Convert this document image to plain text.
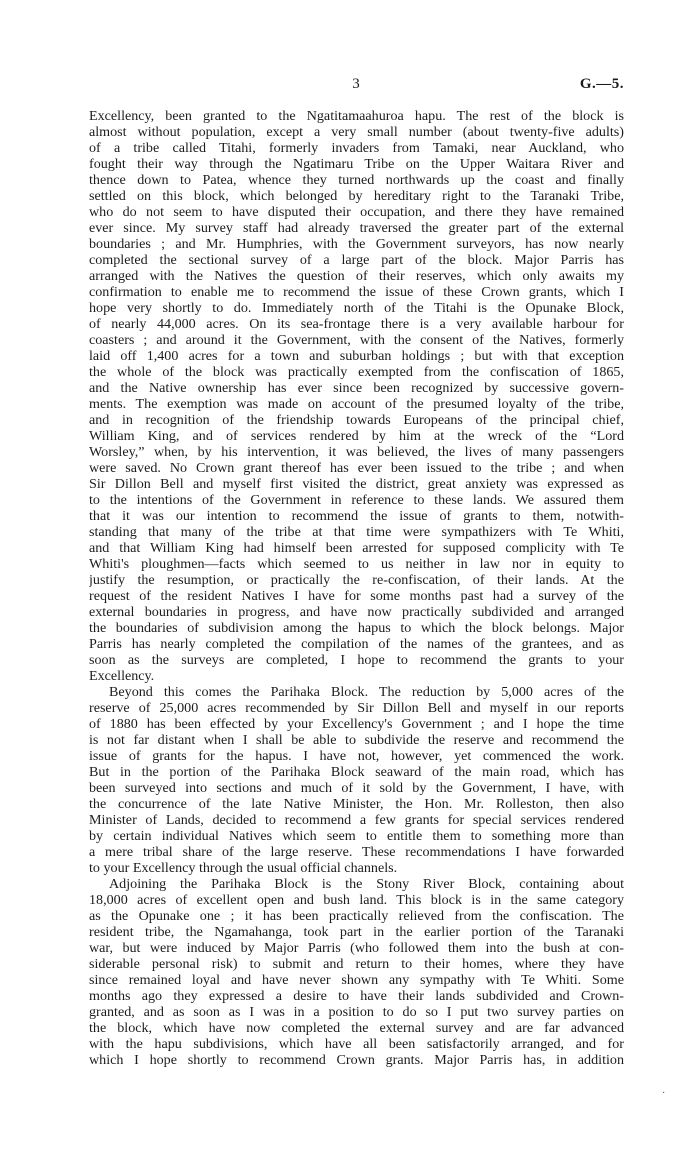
3	G.—5.

Excellency, been granted to the Ngatitamaahuroa hapu. The rest of the block is

almost without population, except a very small number (about twenty-five adults)

of a tribe called Titahi, formerly invaders from Tamaki, near Auckland, who

fought their way through the Ngatimaru Tribe on the Upper Waitara River and

thence down to Patea, whence they turned northwards up the coast and finally

settled on this block, which belonged by hereditary right to the Taranaki Tribe,

who do not seem to have disputed their occupation, and there they have remained

ever since. My survey staff had already traversed the greater part of the external

boundaries ; and Mr. Humphries, with the Government surveyors, has now nearly

completed the sectional survey of a large part of the block. Major Parris has

arranged with the Natives the question of their reserves, which only awaits my

confirmation to enable me to recommend the issue of these Crown grants, which I

hope very shortly to do. Immediately north of the Titahi is the Opunake Block,

of nearly 44,000 acres. On its sea-frontage there is a very available harbour for

coasters ; and around it the Government, with the consent of the Natives, formerly

laid off 1,400 acres for a town and suburban holdings ; but with that exception

the whole of the block was practically exempted from the confiscation of 1865,

and the Native ownership has ever since been recognized by successive govern-

ments. The exemption was made on account of the presumed loyalty of the tribe,

and in recognition of the friendship towards Europeans of the principal chief,

William King, and of services rendered by him at the wreck of the “Lord

Worsley,” when, by his intervention, it was believed, the lives of many passengers

were saved. No Crown grant thereof has ever been issued to the tribe ; and when

Sir Dillon Bell and myself first visited the district, great anxiety was expressed as

to the intentions of the Government in reference to these lands. We assured them

that it was our intention to recommend the issue of grants to them, notwith-

standing that many of the tribe at that time were sympathizers with Te Whiti,

and that William King had himself been arrested for supposed complicity with Te

Whiti's ploughmen—facts which seemed to us neither in law nor in equity to

justify the resumption, or practically the re-confiscation, of their lands. At the

request of the resident Natives I have for some months past had a survey of the

external boundaries in progress, and have now practically subdivided and arranged

the boundaries of subdivision among the hapus to which the block belongs. Major

Parris has nearly completed the compilation of the names of the grantees, and as

soon as the surveys are completed, I hope to recommend the grants to your

Excellency.

Beyond this comes the Parihaka Block. The reduction by 5,000 acres of the

reserve of 25,000 acres recommended by Sir Dillon Bell and myself in our reports

of 1880 has been effected by your Excellency's Government ; and I hope the time

is not far distant when I shall be able to subdivide the reserve and recommend the

issue of grants for the hapus. I have not, however, yet commenced the work.

But in the portion of the Parihaka Block seaward of the main road, which has

been surveyed into sections and much of it sold by the Government, I have, with

the concurrence of the late Native Minister, the Hon. Mr. Rolleston, then also

Minister of Lands, decided to recommend a few grants for special services rendered

by certain individual Natives which seem to entitle them to something more than

a mere tribal share of the large reserve. These recommendations I have forwarded

to your Excellency through the usual official channels.

Adjoining the Parihaka Block is the Stony River Block, containing about

18,000 acres of excellent open and bush land. This block is in the same category

as the Opunake one ; it has been practically relieved from the confiscation. The

resident tribe, the Ngamahanga, took part in the earlier portion of the Taranaki

war, but were induced by Major Parris (who followed them into the bush at con-

siderable personal risk) to submit and return to their homes, where they have

since remained loyal and have never shown any sympathy with Te Whiti. Some

months ago they expressed a desire to have their lands subdivided and Crown-

granted, and as soon as I was in a position to do so I put two survey parties on

the block, which have now completed the external survey and are far advanced

with the hapu subdivisions, which have all been satisfactorily arranged, and for

which I hope shortly to recommend Crown grants. Major Parris has, in addition

·
